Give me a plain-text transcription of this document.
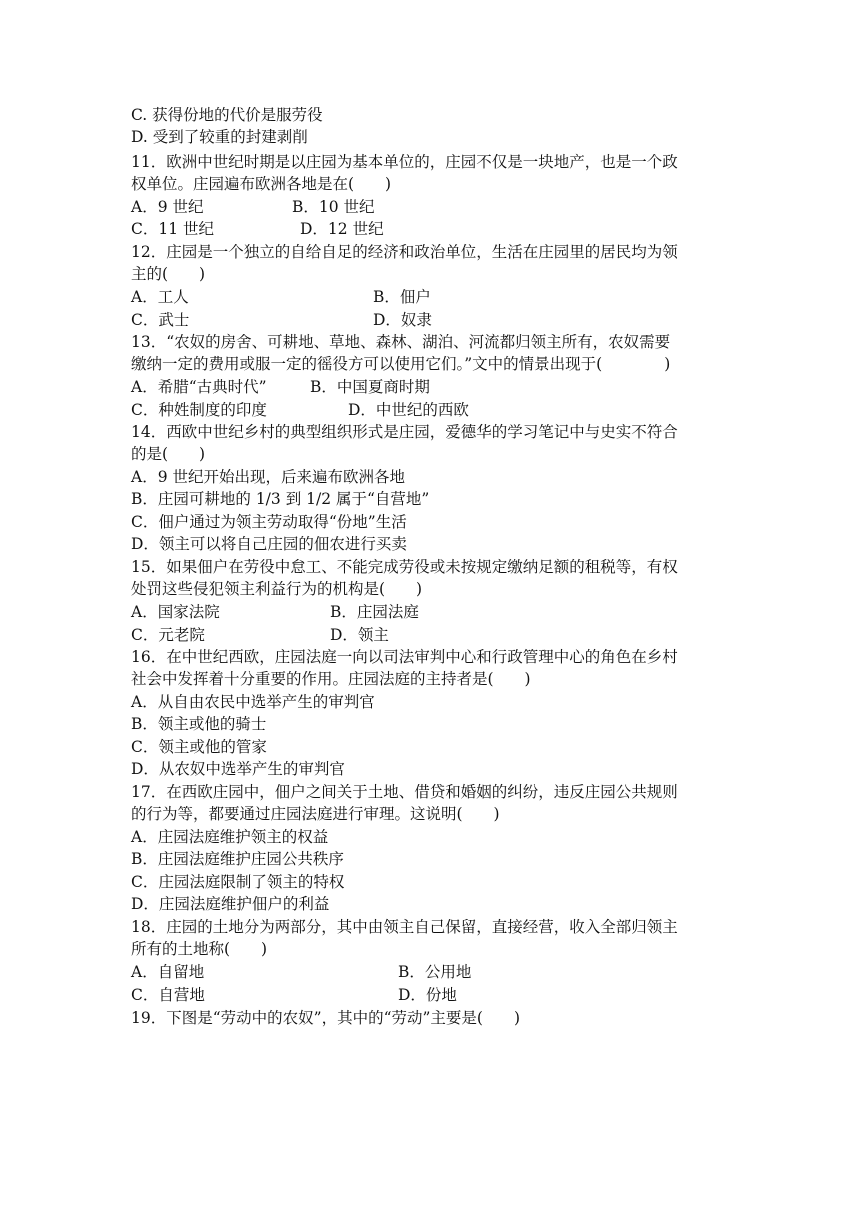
C. 获得份地的代价是服劳役
D. 受到了较重的封建剥削
11．欧洲中世纪时期是以庄园为基本单位的，庄园不仅是一块地产，也是一个政
权单位。庄园遍布欧洲各地是在(　　)
A．9 世纪	B．10 世纪
C．11 世纪	D．12 世纪
12．庄园是一个独立的自给自足的经济和政治单位，生活在庄园里的居民均为领
主的(　　)
A．工人	B．佃户
C．武士	D．奴隶
13．“农奴的房舍、可耕地、草地、森林、湖泊、河流都归领主所有，农奴需要
缴纳一定的费用或服一定的徭役方可以使用它们。”文中的情景出现于(　　　　)
A．希腊“古典时代”	B．中国夏商时期
C．种姓制度的印度	D．中世纪的西欧
14．西欧中世纪乡村的典型组织形式是庄园，爱德华的学习笔记中与史实不符合
的是(　　)
A．9 世纪开始出现，后来遍布欧洲各地
B．庄园可耕地的 1/3 到 1/2 属于“自营地”
C．佃户通过为领主劳动取得“份地”生活
D．领主可以将自己庄园的佃农进行买卖
15．如果佃户在劳役中怠工、不能完成劳役或未按规定缴纳足额的租税等，有权
处罚这些侵犯领主利益行为的机构是(　　)
A．国家法院	B．庄园法庭
C．元老院	D．领主
16．在中世纪西欧，庄园法庭一向以司法审判中心和行政管理中心的角色在乡村
社会中发挥着十分重要的作用。庄园法庭的主持者是(　　)
A．从自由农民中选举产生的审判官
B．领主或他的骑士
C．领主或他的管家
D．从农奴中选举产生的审判官
17．在西欧庄园中，佃户之间关于土地、借贷和婚姻的纠纷，违反庄园公共规则
的行为等，都要通过庄园法庭进行审理。这说明(　　)
A．庄园法庭维护领主的权益
B．庄园法庭维护庄园公共秩序
C．庄园法庭限制了领主的特权
D．庄园法庭维护佃户的利益
18．庄园的土地分为两部分，其中由领主自己保留，直接经营，收入全部归领主
所有的土地称(　　)
A．自留地	B．公用地
C．自营地	D．份地
19．下图是“劳动中的农奴”，其中的“劳动”主要是(　　)
